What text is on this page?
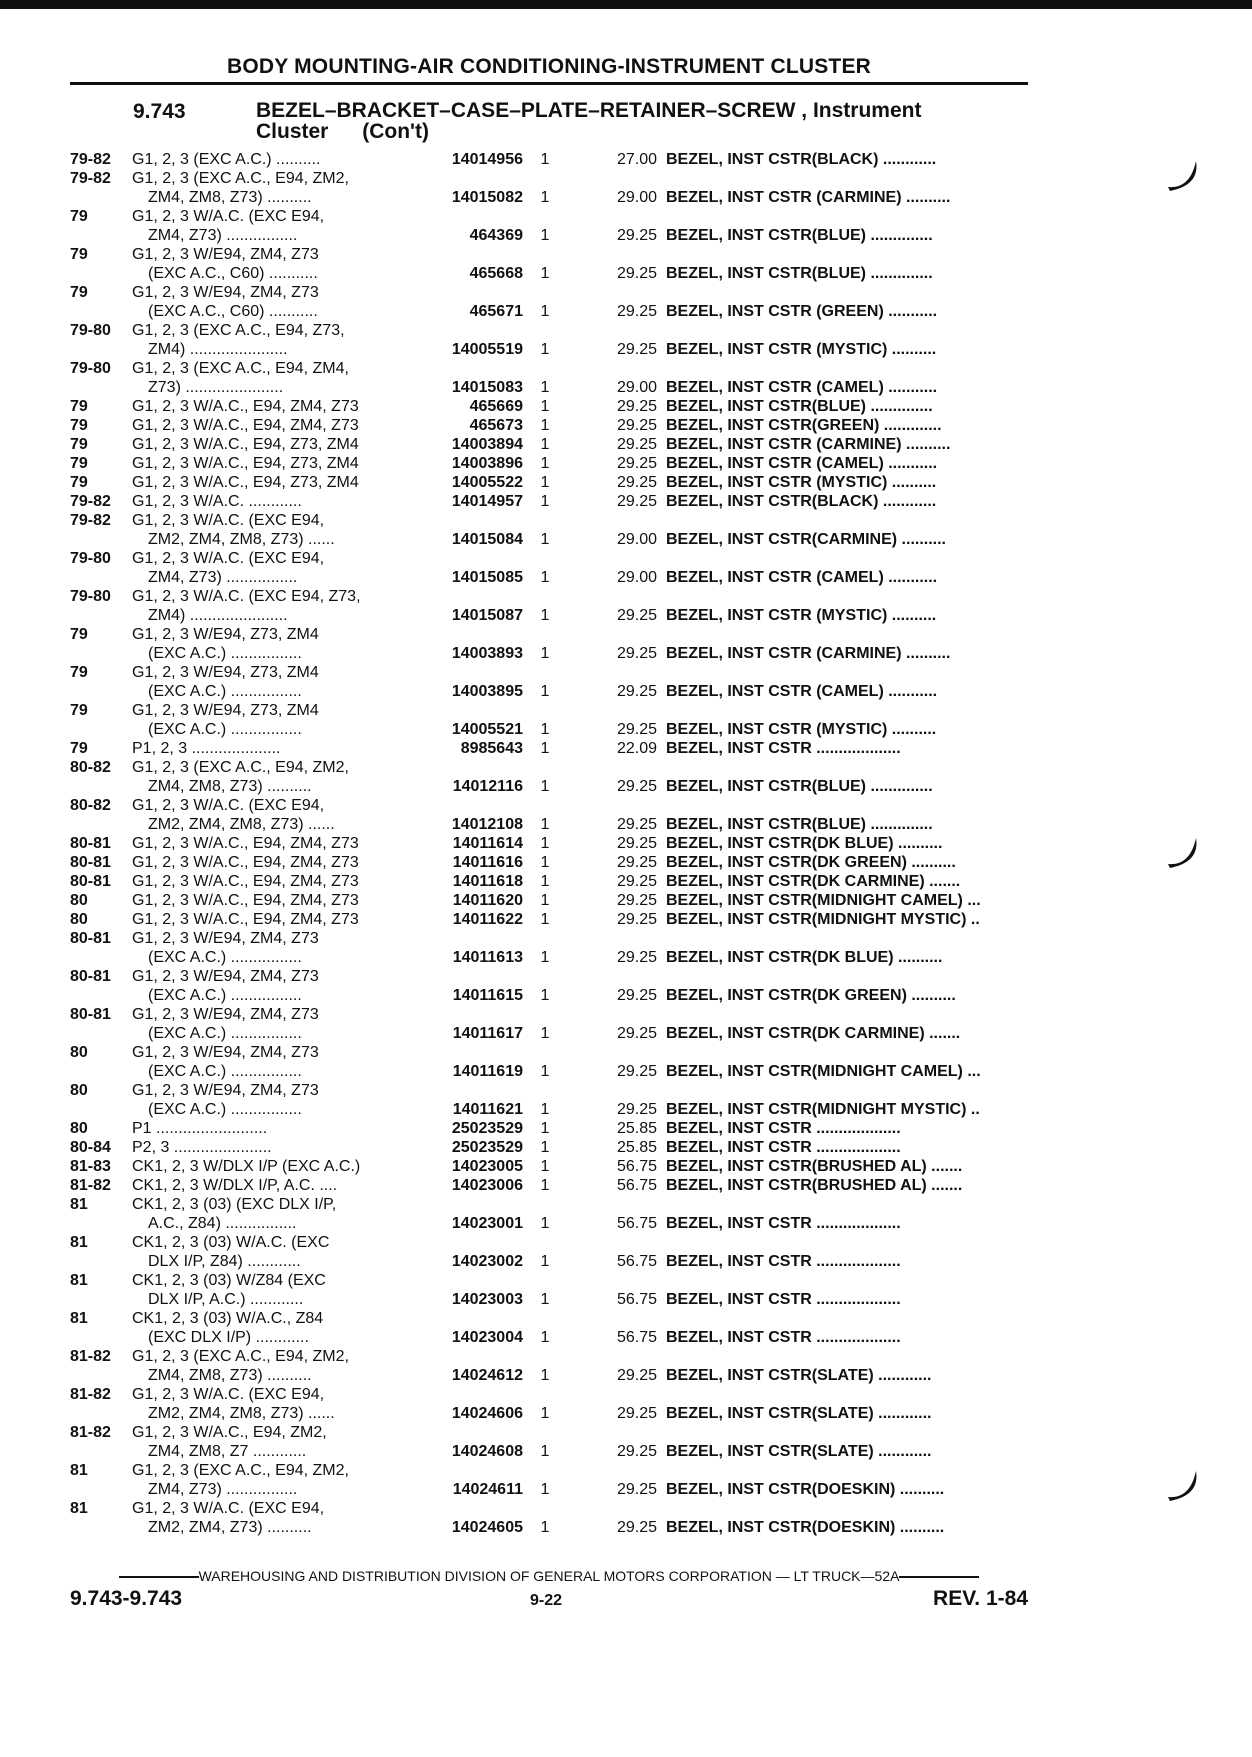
BODY MOUNTING-AIR CONDITIONING-INSTRUMENT CLUSTER
9.743	BEZEL–BRACKET–CASE–PLATE–RETAINER–SCREW , Instrument
Cluster (Con't)
79-82	G1, 2, 3 (EXC A.C.) ..........	14014956	1	27.00 BEZEL, INST CSTR(BLACK) ............
79-82	G1, 2, 3 (EXC A.C., E94, ZM2,
ZM4, ZM8, Z73) ..........	14015082	1	29.00 BEZEL, INST CSTR (CARMINE) ..........
79	G1, 2, 3 W/A.C. (EXC E94,
ZM4, Z73) ................	464369	1	29.25 BEZEL, INST CSTR(BLUE) ..............
79	G1, 2, 3 W/E94, ZM4, Z73
(EXC A.C., C60) ...........	465668	1	29.25 BEZEL, INST CSTR(BLUE) ..............
79	G1, 2, 3 W/E94, ZM4, Z73
(EXC A.C., C60) ...........	465671	1	29.25 BEZEL, INST CSTR (GREEN) ...........
79-80	G1, 2, 3 (EXC A.C., E94, Z73,
ZM4) ......................	14005519	1	29.25 BEZEL, INST CSTR (MYSTIC) ..........
79-80	G1, 2, 3 (EXC A.C., E94, ZM4,
Z73) ......................	14015083	1	29.00 BEZEL, INST CSTR (CAMEL) ...........
79	G1, 2, 3 W/A.C., E94, ZM4, Z73	465669	1	29.25 BEZEL, INST CSTR(BLUE) ..............
79	G1, 2, 3 W/A.C., E94, ZM4, Z73	465673	1	29.25 BEZEL, INST CSTR(GREEN) .............
79	G1, 2, 3 W/A.C., E94, Z73, ZM4	14003894	1	29.25 BEZEL, INST CSTR (CARMINE) ..........
79	G1, 2, 3 W/A.C., E94, Z73, ZM4	14003896	1	29.25 BEZEL, INST CSTR (CAMEL) ...........
79	G1, 2, 3 W/A.C., E94, Z73, ZM4	14005522	1	29.25 BEZEL, INST CSTR (MYSTIC) ..........
79-82	G1, 2, 3 W/A.C. ............	14014957	1	29.25 BEZEL, INST CSTR(BLACK) ............
79-82	G1, 2, 3 W/A.C. (EXC E94,
ZM2, ZM4, ZM8, Z73) ......	14015084	1	29.00 BEZEL, INST CSTR(CARMINE) ..........
79-80	G1, 2, 3 W/A.C. (EXC E94,
ZM4, Z73) ................	14015085	1	29.00 BEZEL, INST CSTR (CAMEL) ...........
79-80	G1, 2, 3 W/A.C. (EXC E94, Z73,
ZM4) ......................	14015087	1	29.25 BEZEL, INST CSTR (MYSTIC) ..........
79	G1, 2, 3 W/E94, Z73, ZM4
(EXC A.C.) ................	14003893	1	29.25 BEZEL, INST CSTR (CARMINE) ..........
79	G1, 2, 3 W/E94, Z73, ZM4
(EXC A.C.) ................	14003895	1	29.25 BEZEL, INST CSTR (CAMEL) ...........
79	G1, 2, 3 W/E94, Z73, ZM4
(EXC A.C.) ................	14005521	1	29.25 BEZEL, INST CSTR (MYSTIC) ..........
79	P1, 2, 3 ....................	8985643	1	22.09 BEZEL, INST CSTR ...................
80-82	G1, 2, 3 (EXC A.C., E94, ZM2,
ZM4, ZM8, Z73) ..........	14012116	1	29.25 BEZEL, INST CSTR(BLUE) ..............
80-82	G1, 2, 3 W/A.C. (EXC E94,
ZM2, ZM4, ZM8, Z73) ......	14012108	1	29.25 BEZEL, INST CSTR(BLUE) ..............
80-81	G1, 2, 3 W/A.C., E94, ZM4, Z73	14011614	1	29.25 BEZEL, INST CSTR(DK BLUE) ..........
80-81	G1, 2, 3 W/A.C., E94, ZM4, Z73	14011616	1	29.25 BEZEL, INST CSTR(DK GREEN) ..........
80-81	G1, 2, 3 W/A.C., E94, ZM4, Z73	14011618	1	29.25 BEZEL, INST CSTR(DK CARMINE) .......
80	G1, 2, 3 W/A.C., E94, ZM4, Z73	14011620	1	29.25 BEZEL, INST CSTR(MIDNIGHT CAMEL) ...
80	G1, 2, 3 W/A.C., E94, ZM4, Z73	14011622	1	29.25 BEZEL, INST CSTR(MIDNIGHT MYSTIC) ..
80-81	G1, 2, 3 W/E94, ZM4, Z73
(EXC A.C.) ................	14011613	1	29.25 BEZEL, INST CSTR(DK BLUE) ..........
80-81	G1, 2, 3 W/E94, ZM4, Z73
(EXC A.C.) ................	14011615	1	29.25 BEZEL, INST CSTR(DK GREEN) ..........
80-81	G1, 2, 3 W/E94, ZM4, Z73
(EXC A.C.) ................	14011617	1	29.25 BEZEL, INST CSTR(DK CARMINE) .......
80	G1, 2, 3 W/E94, ZM4, Z73
(EXC A.C.) ................	14011619	1	29.25 BEZEL, INST CSTR(MIDNIGHT CAMEL) ...
80	G1, 2, 3 W/E94, ZM4, Z73
(EXC A.C.) ................	14011621	1	29.25 BEZEL, INST CSTR(MIDNIGHT MYSTIC) ..
80	P1 .........................	25023529	1	25.85 BEZEL, INST CSTR ...................
80-84	P2, 3 ......................	25023529	1	25.85 BEZEL, INST CSTR ...................
81-83	CK1, 2, 3 W/DLX I/P (EXC A.C.)	14023005	1	56.75 BEZEL, INST CSTR(BRUSHED AL) .......
81-82	CK1, 2, 3 W/DLX I/P, A.C. ....	14023006	1	56.75 BEZEL, INST CSTR(BRUSHED AL) .......
81	CK1, 2, 3 (03) (EXC DLX I/P,
A.C., Z84) ................	14023001	1	56.75 BEZEL, INST CSTR ...................
81	CK1, 2, 3 (03) W/A.C. (EXC
DLX I/P, Z84) ............	14023002	1	56.75 BEZEL, INST CSTR ...................
81	CK1, 2, 3 (03) W/Z84 (EXC
DLX I/P, A.C.) ............	14023003	1	56.75 BEZEL, INST CSTR ...................
81	CK1, 2, 3 (03) W/A.C., Z84
(EXC DLX I/P) ............	14023004	1	56.75 BEZEL, INST CSTR ...................
81-82	G1, 2, 3 (EXC A.C., E94, ZM2,
ZM4, ZM8, Z73) ..........	14024612	1	29.25 BEZEL, INST CSTR(SLATE) ............
81-82	G1, 2, 3 W/A.C. (EXC E94,
ZM2, ZM4, ZM8, Z73) ......	14024606	1	29.25 BEZEL, INST CSTR(SLATE) ............
81-82	G1, 2, 3 W/A.C., E94, ZM2,
ZM4, ZM8, Z7 ............	14024608	1	29.25 BEZEL, INST CSTR(SLATE) ............
81	G1, 2, 3 (EXC A.C., E94, ZM2,
ZM4, Z73) ................	14024611	1	29.25 BEZEL, INST CSTR(DOESKIN) ..........
81	G1, 2, 3 W/A.C. (EXC E94,
ZM2, ZM4, Z73) ..........	14024605	1	29.25 BEZEL, INST CSTR(DOESKIN) ..........
WAREHOUSING AND DISTRIBUTION DIVISION OF GENERAL MOTORS CORPORATION — LT TRUCK—52A
9.743-9.743	9-22	REV. 1-84
